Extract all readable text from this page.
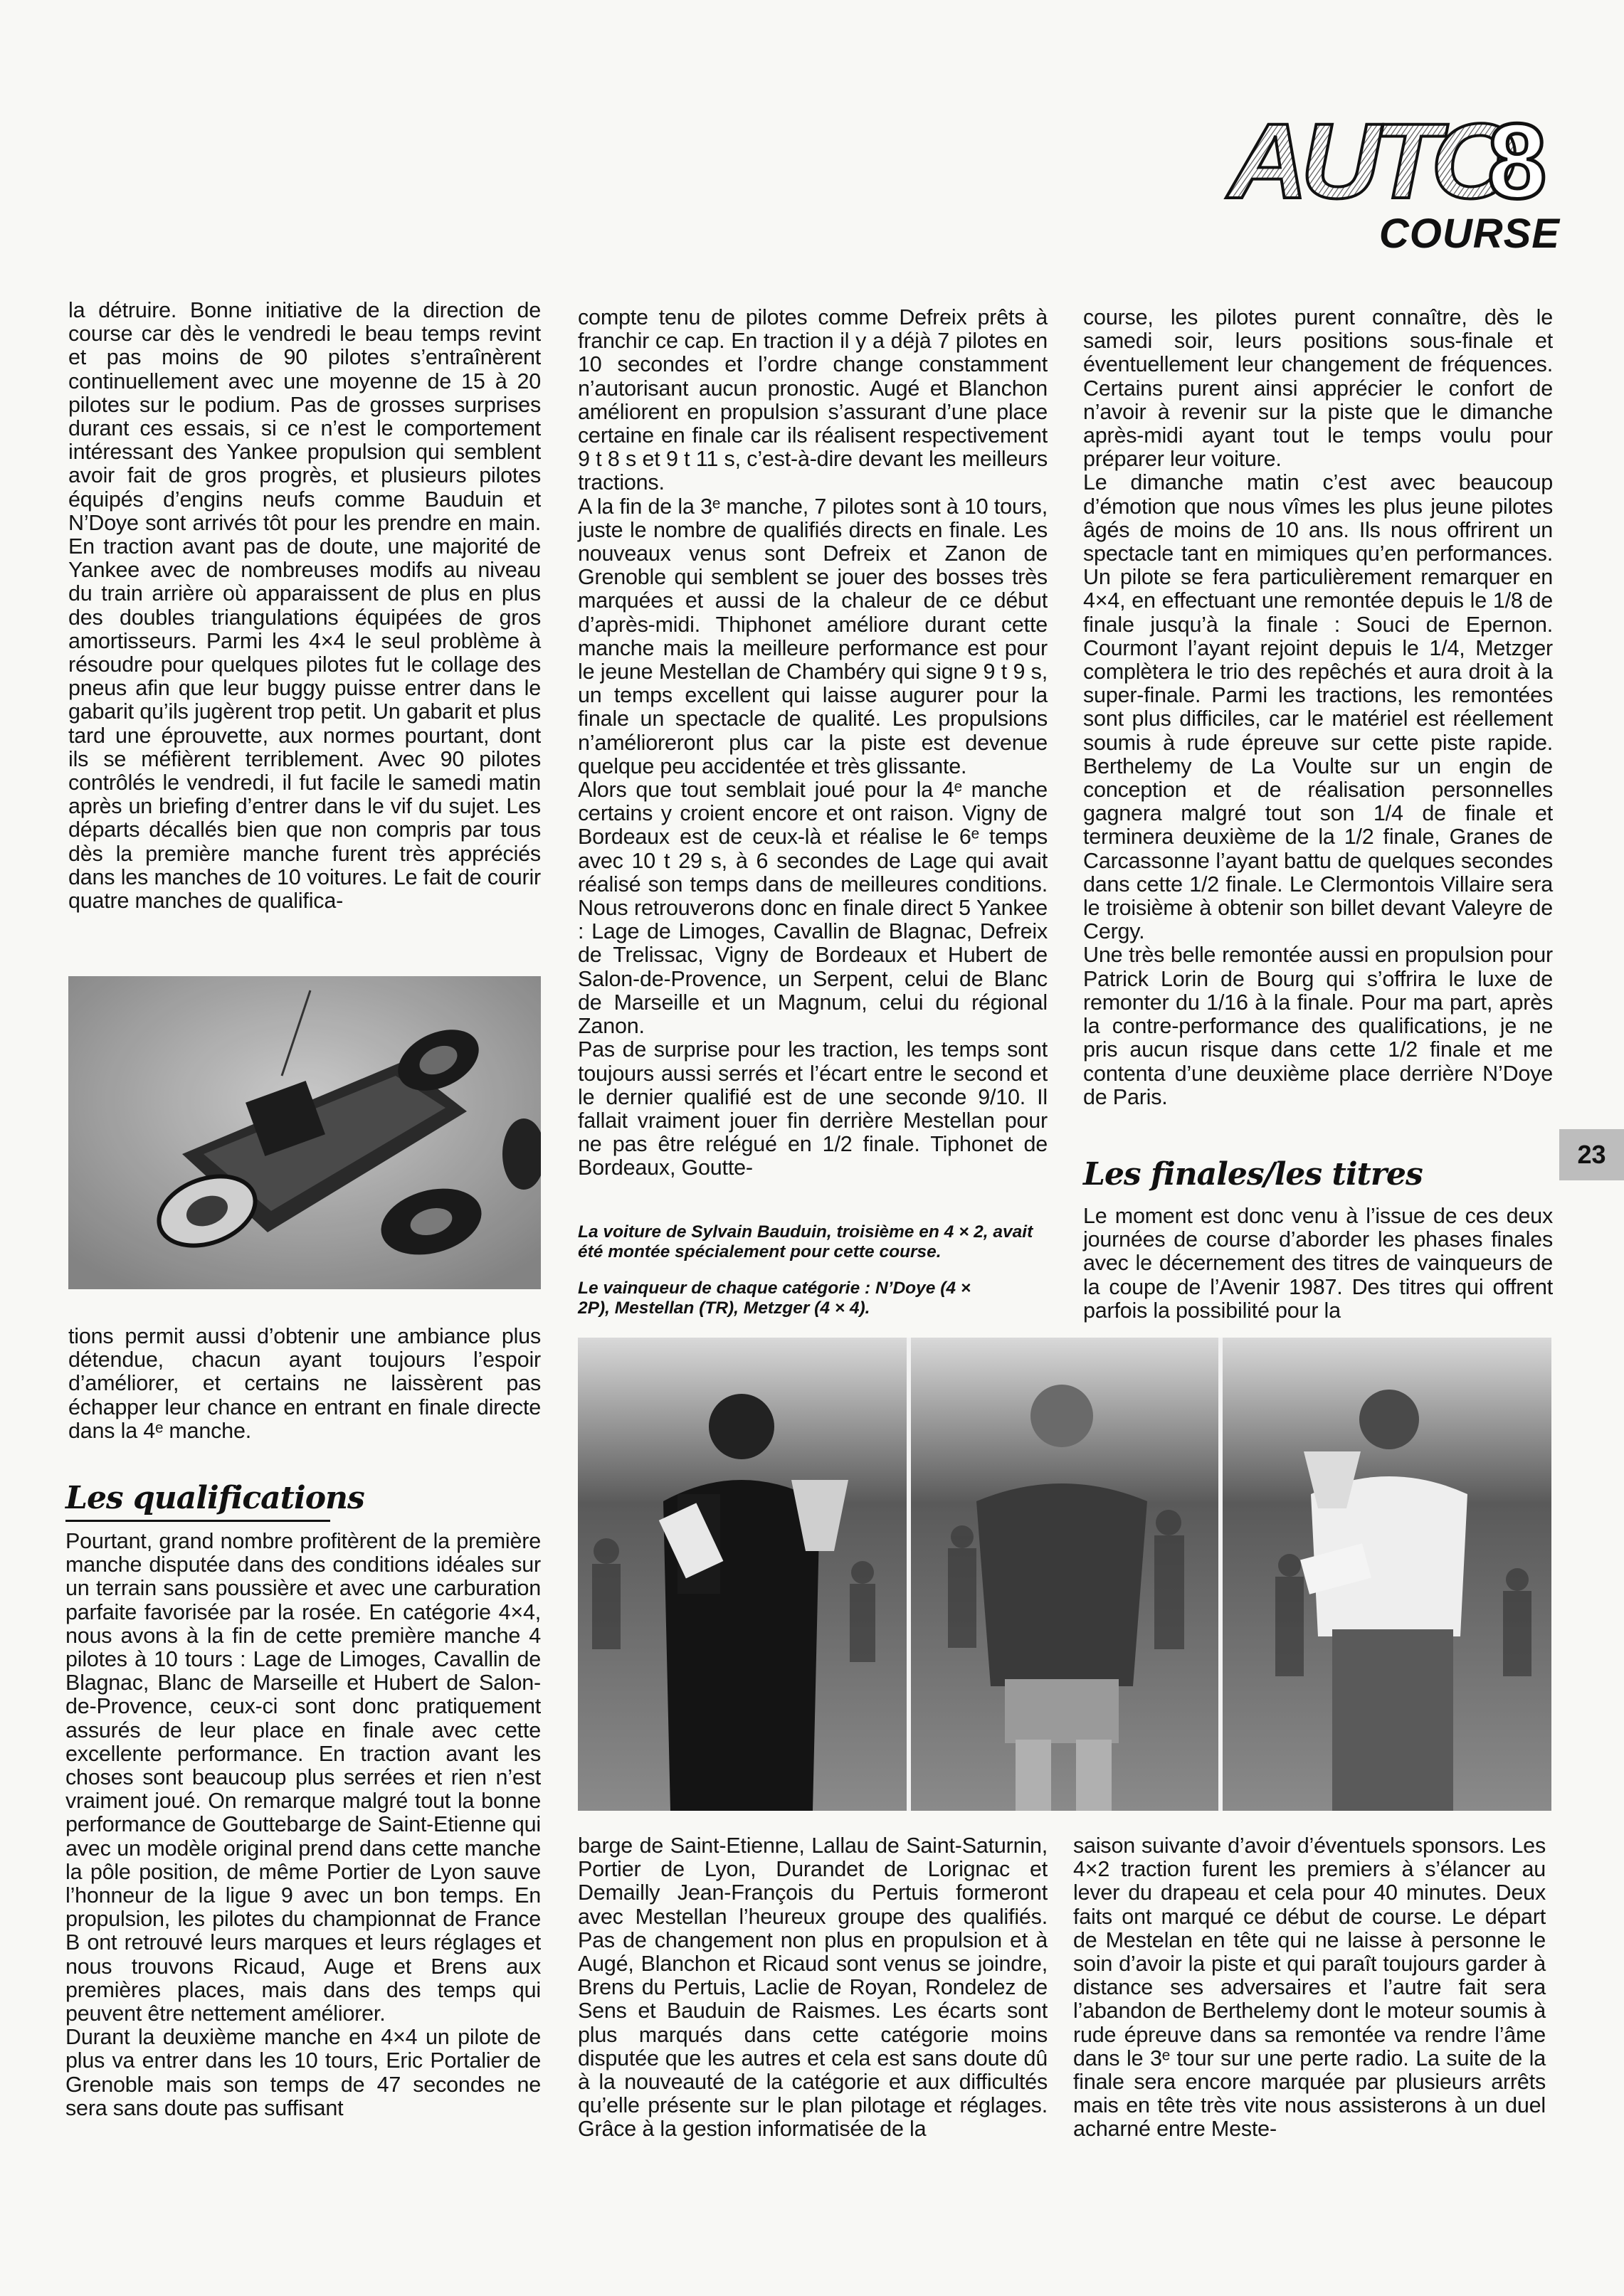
AUTO
8
COURSE

la détruire. Bonne initiative de la direction de course car dès le vendredi le beau temps revint et pas moins de 90 pilotes s’entraînèrent continuellement avec une moyenne de 15 à 20 pilotes sur le podium. Pas de grosses surprises durant ces essais, si ce n’est le comportement intéressant des Yankee propulsion qui semblent avoir fait de gros progrès, et plusieurs pilotes équipés d’engins neufs comme Bauduin et N’Doye sont arrivés tôt pour les prendre en main. En traction avant pas de doute, une majorité de Yankee avec de nombreuses modifs au niveau du train arrière où apparaissent de plus en plus des doubles triangulations équipées de gros amortisseurs. Parmi les 4×4 le seul problème à résoudre pour quelques pilotes fut le collage des pneus afin que leur buggy puisse entrer dans le gabarit qu’ils jugèrent trop petit. Un gabarit et plus tard une éprouvette, aux normes pourtant, dont ils se méfièrent terriblement. Avec 90 pilotes contrôlés le vendredi, il fut facile le samedi matin après un briefing d’entrer dans le vif du sujet. Les départs décallés bien que non compris par tous dès la première manche furent très appréciés dans les manches de 10 voitures. Le fait de courir quatre manches de qualifica-

tions permit aussi d’obtenir une ambiance plus détendue, chacun ayant toujours l’espoir d’améliorer, et certains ne laissèrent pas échapper leur chance en entrant en finale directe dans la 4ᵉ manche.

Les qualifications

Pourtant, grand nombre profitèrent de la première manche disputée dans des conditions idéales sur un terrain sans poussière et avec une carburation parfaite favorisée par la rosée. En catégorie 4×4, nous avons à la fin de cette première manche 4 pilotes à 10 tours : Lage de Limoges, Cavallin de Blagnac, Blanc de Marseille et Hubert de Salon-de-Provence, ceux-ci sont donc pratiquement assurés de leur place en finale avec cette excellente performance. En traction avant les choses sont beaucoup plus serrées et rien n’est vraiment joué. On remarque malgré tout la bonne performance de Gouttebarge de Saint-Etienne qui avec un modèle original prend dans cette manche la pôle position, de même Portier de Lyon sauve l’honneur de la ligue 9 avec un bon temps. En propulsion, les pilotes du championnat de France B ont retrouvé leurs marques et leurs réglages et nous trouvons Ricaud, Auge et Brens aux premières places, mais dans des temps qui peuvent être nettement améliorer.

Durant la deuxième manche en 4×4 un pilote de plus va entrer dans les 10 tours, Eric Portalier de Grenoble mais son temps de 47 secondes ne sera sans doute pas suffisant

compte tenu de pilotes comme Defreix prêts à franchir ce cap. En traction il y a déjà 7 pilotes en 10 secondes et l’ordre change constamment n’autorisant aucun pronostic. Augé et Blanchon améliorent en propulsion s’assurant d’une place certaine en finale car ils réalisent respectivement 9 t 8 s et 9 t 11 s, c’est-à-dire devant les meilleurs tractions.

A la fin de la 3ᵉ manche, 7 pilotes sont à 10 tours, juste le nombre de qualifiés directs en finale. Les nouveaux venus sont Defreix et Zanon de Grenoble qui semblent se jouer des bosses très marquées et aussi de la chaleur de ce début d’après-midi. Thiphonet améliore durant cette manche mais la meilleure performance est pour le jeune Mestellan de Chambéry qui signe 9 t 9 s, un temps excellent qui laisse augurer pour la finale un spectacle de qualité. Les propulsions n’amélioreront plus car la piste est devenue quelque peu accidentée et très glissante.

Alors que tout semblait joué pour la 4ᵉ manche certains y croient encore et ont raison. Vigny de Bordeaux est de ceux-là et réalise le 6ᵉ temps avec 10 t 29 s, à 6 secondes de Lage qui avait réalisé son temps dans de meilleures conditions. Nous retrouverons donc en finale direct 5 Yankee : Lage de Limoges, Cavallin de Blagnac, Defreix de Trelissac, Vigny de Bordeaux et Hubert de Salon-de-Provence, un Serpent, celui de Blanc de Marseille et un Magnum, celui du régional Zanon.

Pas de surprise pour les traction, les temps sont toujours aussi serrés et l’écart entre le second et le dernier qualifié est de une seconde 9/10. Il fallait vraiment jouer fin derrière Mestellan pour ne pas être relégué en 1/2 finale. Tiphonet de Bordeaux, Goutte-

La voiture de Sylvain Bauduin, troisième en 4 × 2, avait été montée spécialement pour cette course.
Le vainqueur de chaque catégorie : N’Doye (4 × 2P), Mestellan (TR), Metzger (4 × 4).

barge de Saint-Etienne, Lallau de Saint-Saturnin, Portier de Lyon, Durandet de Lorignac et Demailly Jean-François du Pertuis formeront avec Mestellan l’heureux groupe des qualifiés. Pas de changement non plus en propulsion et à Augé, Blanchon et Ricaud sont venus se joindre, Brens du Pertuis, Laclie de Royan, Rondelez de Sens et Bauduin de Raismes. Les écarts sont plus marqués dans cette catégorie moins disputée que les autres et cela est sans doute dû à la nouveauté de la catégorie et aux difficultés qu’elle présente sur le plan pilotage et réglages. Grâce à la gestion informatisée de la

course, les pilotes purent connaître, dès le samedi soir, leurs positions sous-finale et éventuellement leur changement de fréquences. Certains purent ainsi apprécier le confort de n’avoir à revenir sur la piste que le dimanche après-midi ayant tout le temps voulu pour préparer leur voiture.

Le dimanche matin c’est avec beaucoup d’émotion que nous vîmes les plus jeune pilotes âgés de moins de 10 ans. Ils nous offrirent un spectacle tant en mimiques qu’en performances. Un pilote se fera particulièrement remarquer en 4×4, en effectuant une remontée depuis le 1/8 de finale jusqu’à la finale : Souci de Epernon. Courmont l’ayant rejoint depuis le 1/4, Metzger complètera le trio des repêchés et aura droit à la super-finale. Parmi les tractions, les remontées sont plus difficiles, car le matériel est réellement soumis à rude épreuve sur cette piste rapide. Berthelemy de La Voulte sur un engin de conception et de réalisation personnelles gagnera malgré tout son 1/4 de finale et terminera deuxième de la 1/2 finale, Granes de Carcassonne l’ayant battu de quelques secondes dans cette 1/2 finale. Le Clermontois Villaire sera le troisième à obtenir son billet devant Valeyre de Cergy.

Une très belle remontée aussi en propulsion pour Patrick Lorin de Bourg qui s’offrira le luxe de remonter du 1/16 à la finale. Pour ma part, après la contre-performance des qualifications, je ne pris aucun risque dans cette 1/2 finale et me contenta d’une deuxième place derrière N’Doye de Paris.

Les finales/les titres

Le moment est donc venu à l’issue de ces deux journées de course d’aborder les phases finales avec le décernement des titres de vainqueurs de la coupe de l’Avenir 1987. Des titres qui offrent parfois la possibilité pour la

saison suivante d’avoir d’éventuels sponsors. Les 4×2 traction furent les premiers à s’élancer au lever du drapeau et cela pour 40 minutes. Deux faits ont marqué ce début de course. Le départ de Mestelan en tête qui ne laisse à personne le soin d’avoir la piste et qui paraît toujours garder à distance ses adversaires et l’autre fait sera l’abandon de Berthelemy dont le moteur soumis à rude épreuve dans sa remontée va rendre l’âme dans le 3ᵉ tour sur une perte radio. La suite de la finale sera encore marquée par plusieurs arrêts mais en tête très vite nous assisterons à un duel acharné entre Meste-

23
